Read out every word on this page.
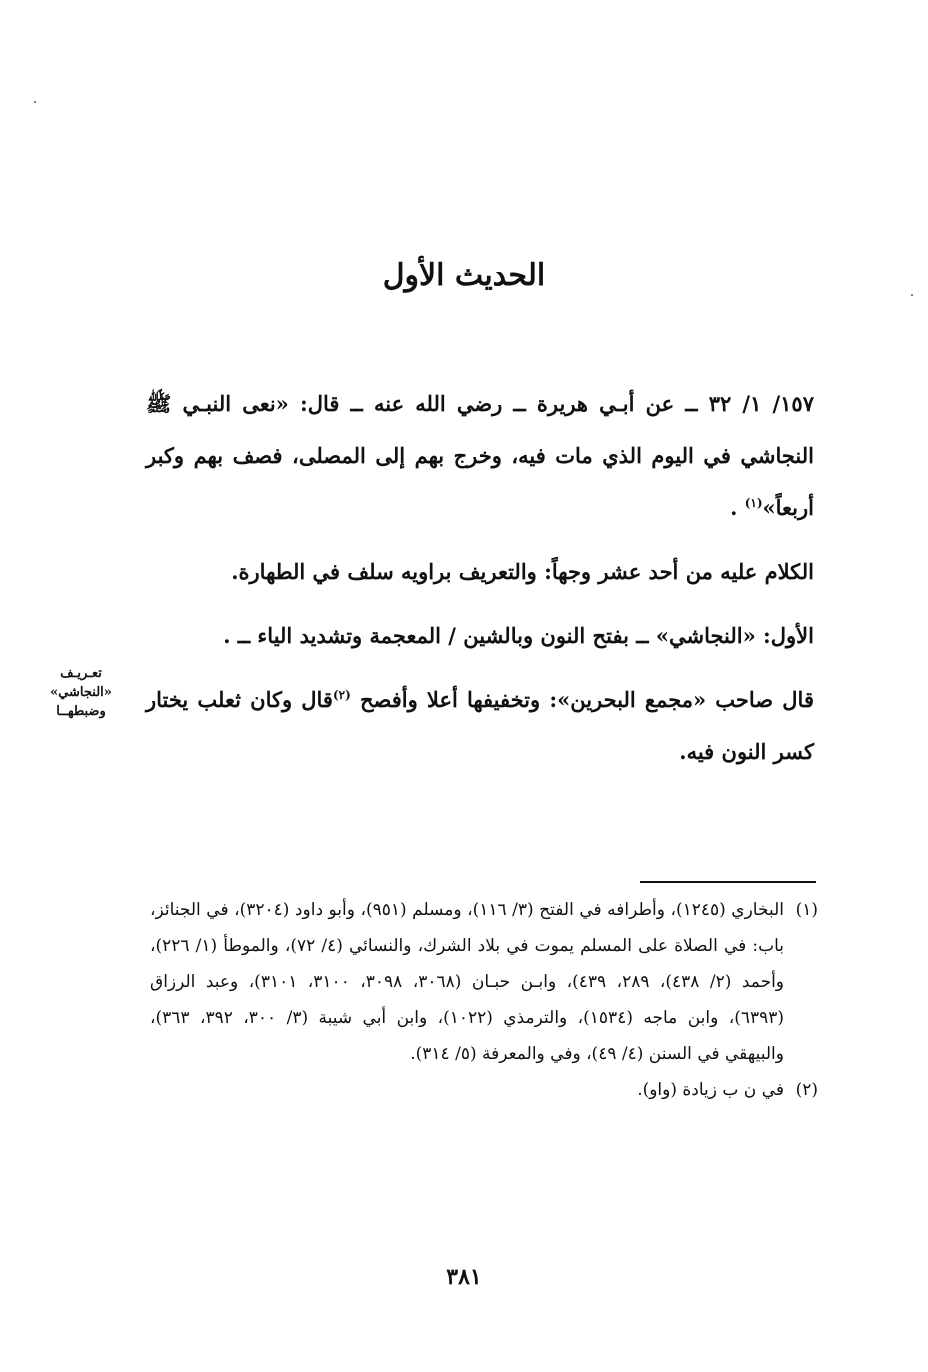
الحديث الأول

١٥٧/ ١/ ٣٢ ــ عن أبـي هريرة ــ رضي الله عنه ــ قال: «نعى النبـي ﷺ النجاشي في اليوم الذي مات فيه، وخرج بهم إلى المصلى، فصف بهم وكبر أربعاً»$^{(١)}$ .

الكلام عليه من أحد عشر وجهاً: والتعريف براويه سلف في الطهارة.

الأول: «النجاشي» ــ بفتح النون وبالشين / المعجمة وتشديد الياء ــ .

قال صاحب «مجمع البحرين»: وتخفيفها أعلا وأفصح $^{(٢)}$قال وكان ثعلب يختار كسر النون فيه.

تعـريـف
«النجاشي»
وضبطهــا
(١)
البخاري (١٢٤٥)، وأطرافه في الفتح (٣/ ١١٦)، ومسلم (٩٥١)، وأبو داود (٣٢٠٤)، في الجنائز، باب: في الصلاة على المسلم يموت في بلاد الشرك، والنسائي (٤/ ٧٢)، والموطأ (١/ ٢٢٦)، وأحمد (٢/ ٤٣٨)، ٢٨٩، ٤٣٩)، وابـن حبـان (٣٠٦٨، ٣٠٩٨، ٣١٠٠، ٣١٠١)، وعبد الرزاق (٦٣٩٣)، وابن ماجه (١٥٣٤)، والترمذي (١٠٢٢)، وابن أبي شيبة (٣/ ٣٠٠، ٣٩٢، ٣٦٣)، والبيهقي في السنن (٤/ ٤٩)، وفي والمعرفة (٥/ ٣١٤).
(٢)
في ن ب زيادة (واو).
٣٨١
